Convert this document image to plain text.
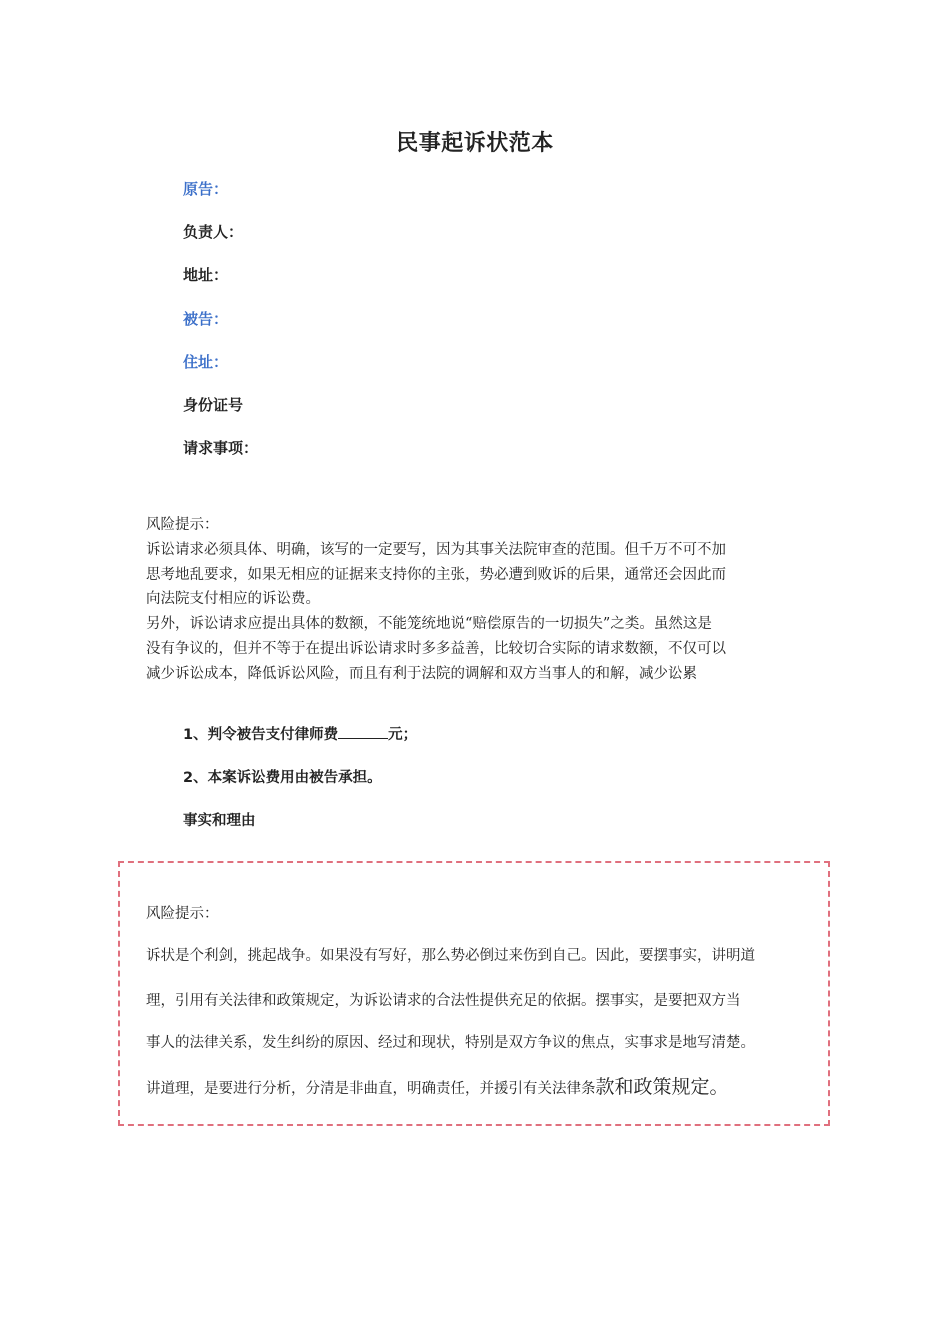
民事起诉状范本
原告：
负责人：
地址：
被告：
住址：
身份证号
请求事项：
风险提示：
诉讼请求必须具体、明确，该写的一定要写，因为其事关法院审查的范围。但千万不可不加
思考地乱要求，如果无相应的证据来支持你的主张，势必遭到败诉的后果，通常还会因此而
向法院支付相应的诉讼费。
另外，诉讼请求应提出具体的数额，不能笼统地说“赔偿原告的一切损失”之类。虽然这是
没有争议的，但并不等于在提出诉讼请求时多多益善，比较切合实际的请求数额，不仅可以
减少诉讼成本，降低诉讼风险，而且有利于法院的调解和双方当事人的和解，减少讼累
1、判令被告支付律师费	元；
2、本案诉讼费用由被告承担。
事实和理由
风险提示：
诉状是个利剑，挑起战争。如果没有写好，那么势必倒过来伤到自己。因此，要摆事实，讲明道
理，引用有关法律和政策规定，为诉讼请求的合法性提供充足的依据。摆事实，是要把双方当
事人的法律关系，发生纠纷的原因、经过和现状，特别是双方争议的焦点，实事求是地写清楚。
讲道理，是要进行分析，分清是非曲直，明确责任，并援引有关法律条款和政策规定。
